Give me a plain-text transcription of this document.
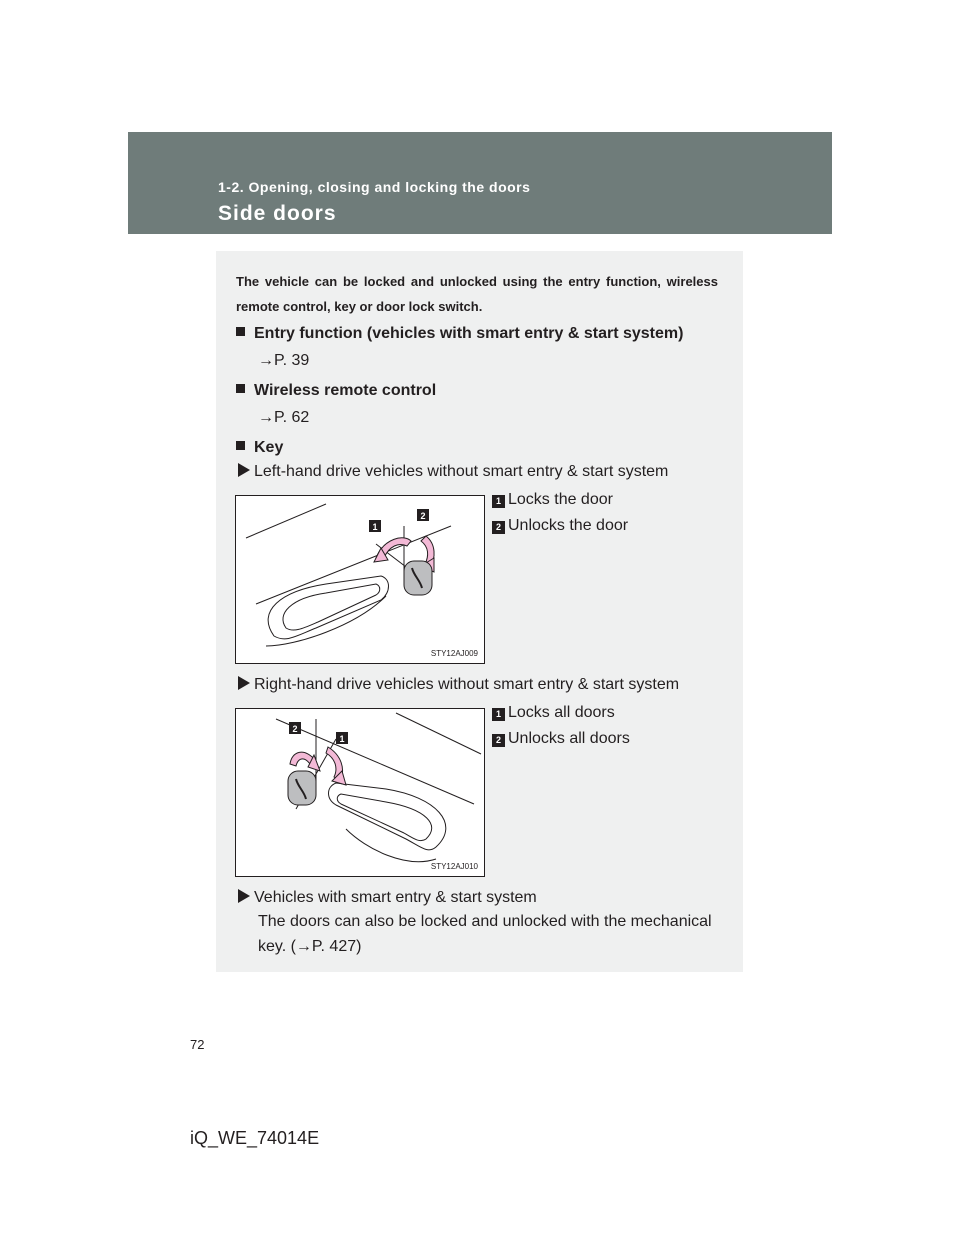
1-2. Opening, closing and locking the doors
Side doors
The vehicle can be locked and unlocked using the entry function, wireless remote control, key or door lock switch.
Entry function (vehicles with smart entry & start system)
→P. 39
Wireless remote control
→P. 62
Key
Left-hand drive vehicles without smart entry & start system
1
2
STY12AJ009
1 Locks the door
2 Unlocks the door
Right-hand drive vehicles without smart entry & start system
2
1
STY12AJ010
1 Locks all doors
2 Unlocks all doors
Vehicles with smart entry & start system
The doors can also be locked and unlocked with the mechanical key. (→P. 427)
72
iQ_WE_74014E
